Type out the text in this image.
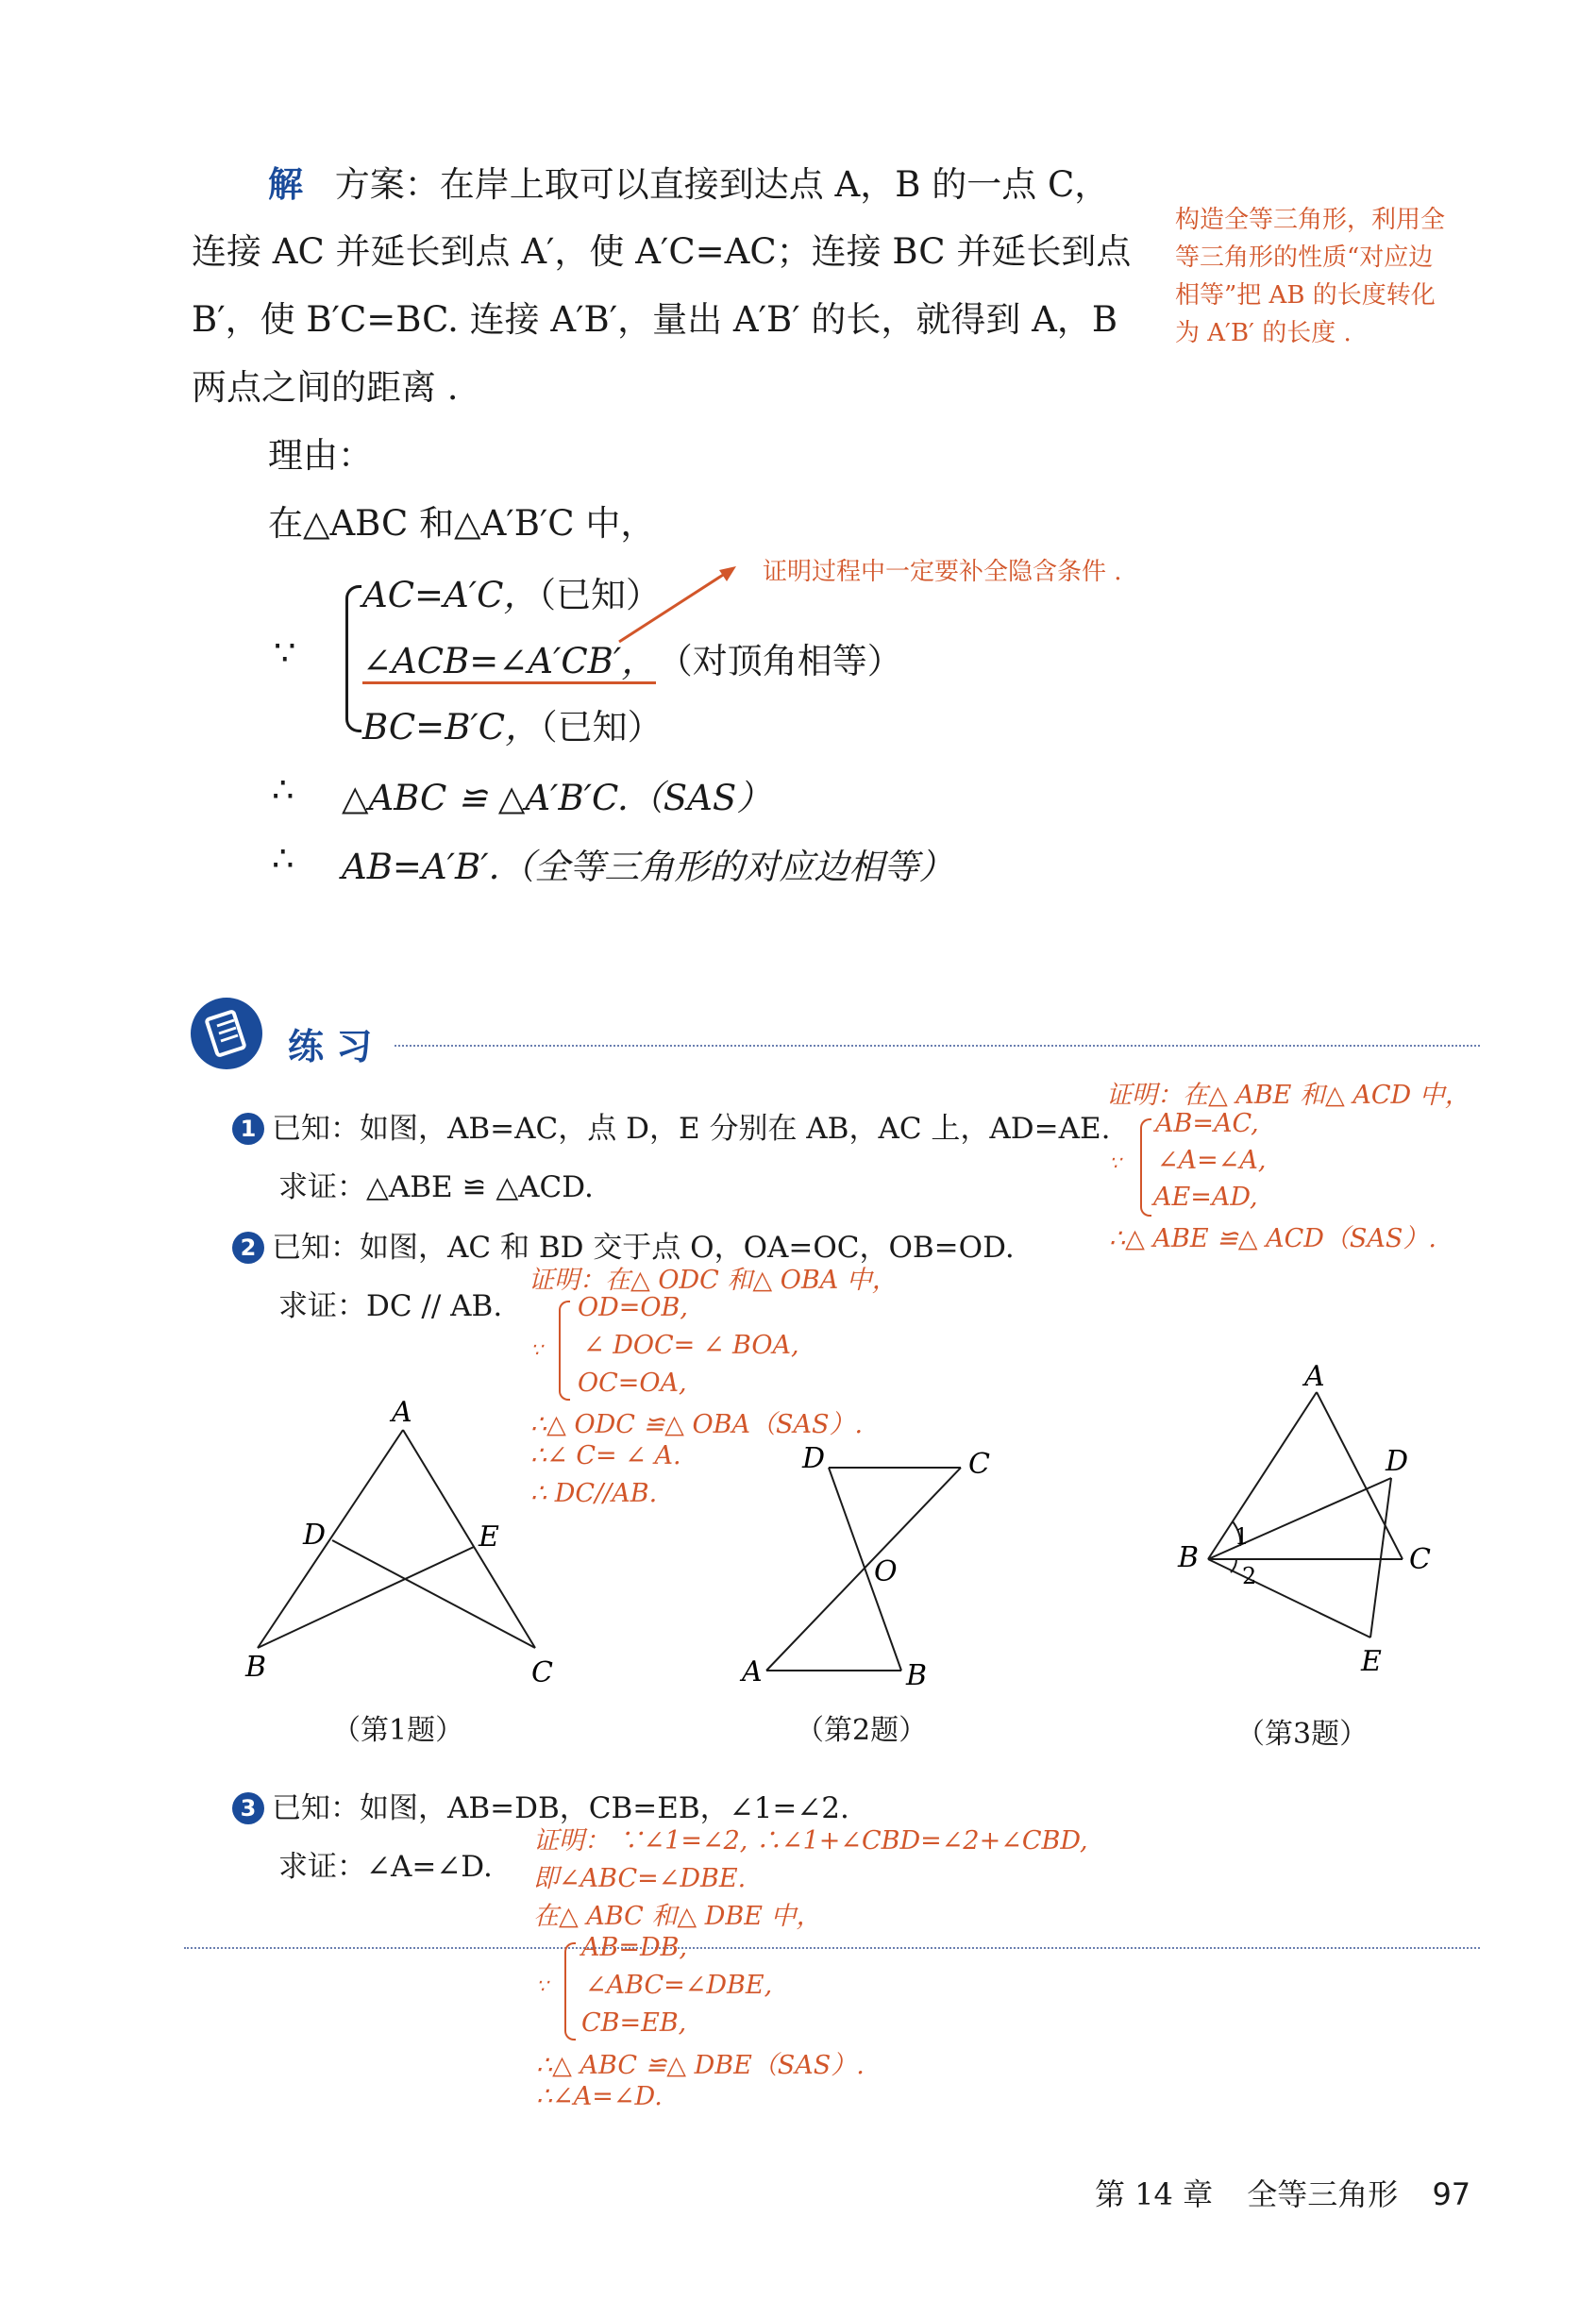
解 方案：在岸上取可以直接到达点 A，B 的一点 C，
连接 AC 并延长到点 A′，使 A′C=AC；连接 BC 并延长到点
B′，使 B′C=BC. 连接 A′B′，量出 A′B′ 的长，就得到 A，B
两点之间的距离 .
理由：
在△ABC 和△A′B′C 中，
∵
AC=A′C，（已知）
∠ACB=∠A′CB′， （对顶角相等）
BC=B′C，（已知）
∴ △ABC ≌ △A′B′C.（SAS）
∴ AB=A′B′.（全等三角形的对应边相等）
构造全等三角形，利用全
等三角形的性质“对应边
相等”把 AB 的长度转化
为 A′B′ 的长度 .
证明过程中一定要补全隐含条件 .
练 习
1 已知：如图，AB=AC，点 D，E 分别在 AB，AC 上，AD=AE.
求证：△ABE ≌ △ACD.
2 已知：如图，AC 和 BD 交于点 O，OA=OC，OB=OD.
求证：DC // AB.
证明：在△ ABE 和△ ACD 中，
∵
AB=AC,
∠A=∠A,
AE=AD,
∴△ ABE ≌△ ACD（SAS）.
证明：在△ ODC 和△ OBA 中，
∵
OD=OB,
∠ DOC= ∠ BOA,
OC=OA,
∴△ ODC ≌△ OBA（SAS）.
∴∠ C= ∠ A.
∴ DC//AB.
A
D	E
B	C
（第1题）
D	C
O
A	B
（第2题）
A
D
1
B	C
2
E
（第3题）
3 已知：如图，AB=DB，CB=EB，∠1=∠2.
求证：∠A=∠D.
证明： ∵∠1=∠2, ∴∠1+∠CBD=∠2+∠CBD,
即∠ABC=∠DBE.
在△ ABC 和△ DBE 中，
∵
AB=DB,
∠ABC=∠DBE,
CB=EB,
∴△ ABC ≌△ DBE（SAS）.
∴∠A=∠D.
第 14 章 全等三角形 97
